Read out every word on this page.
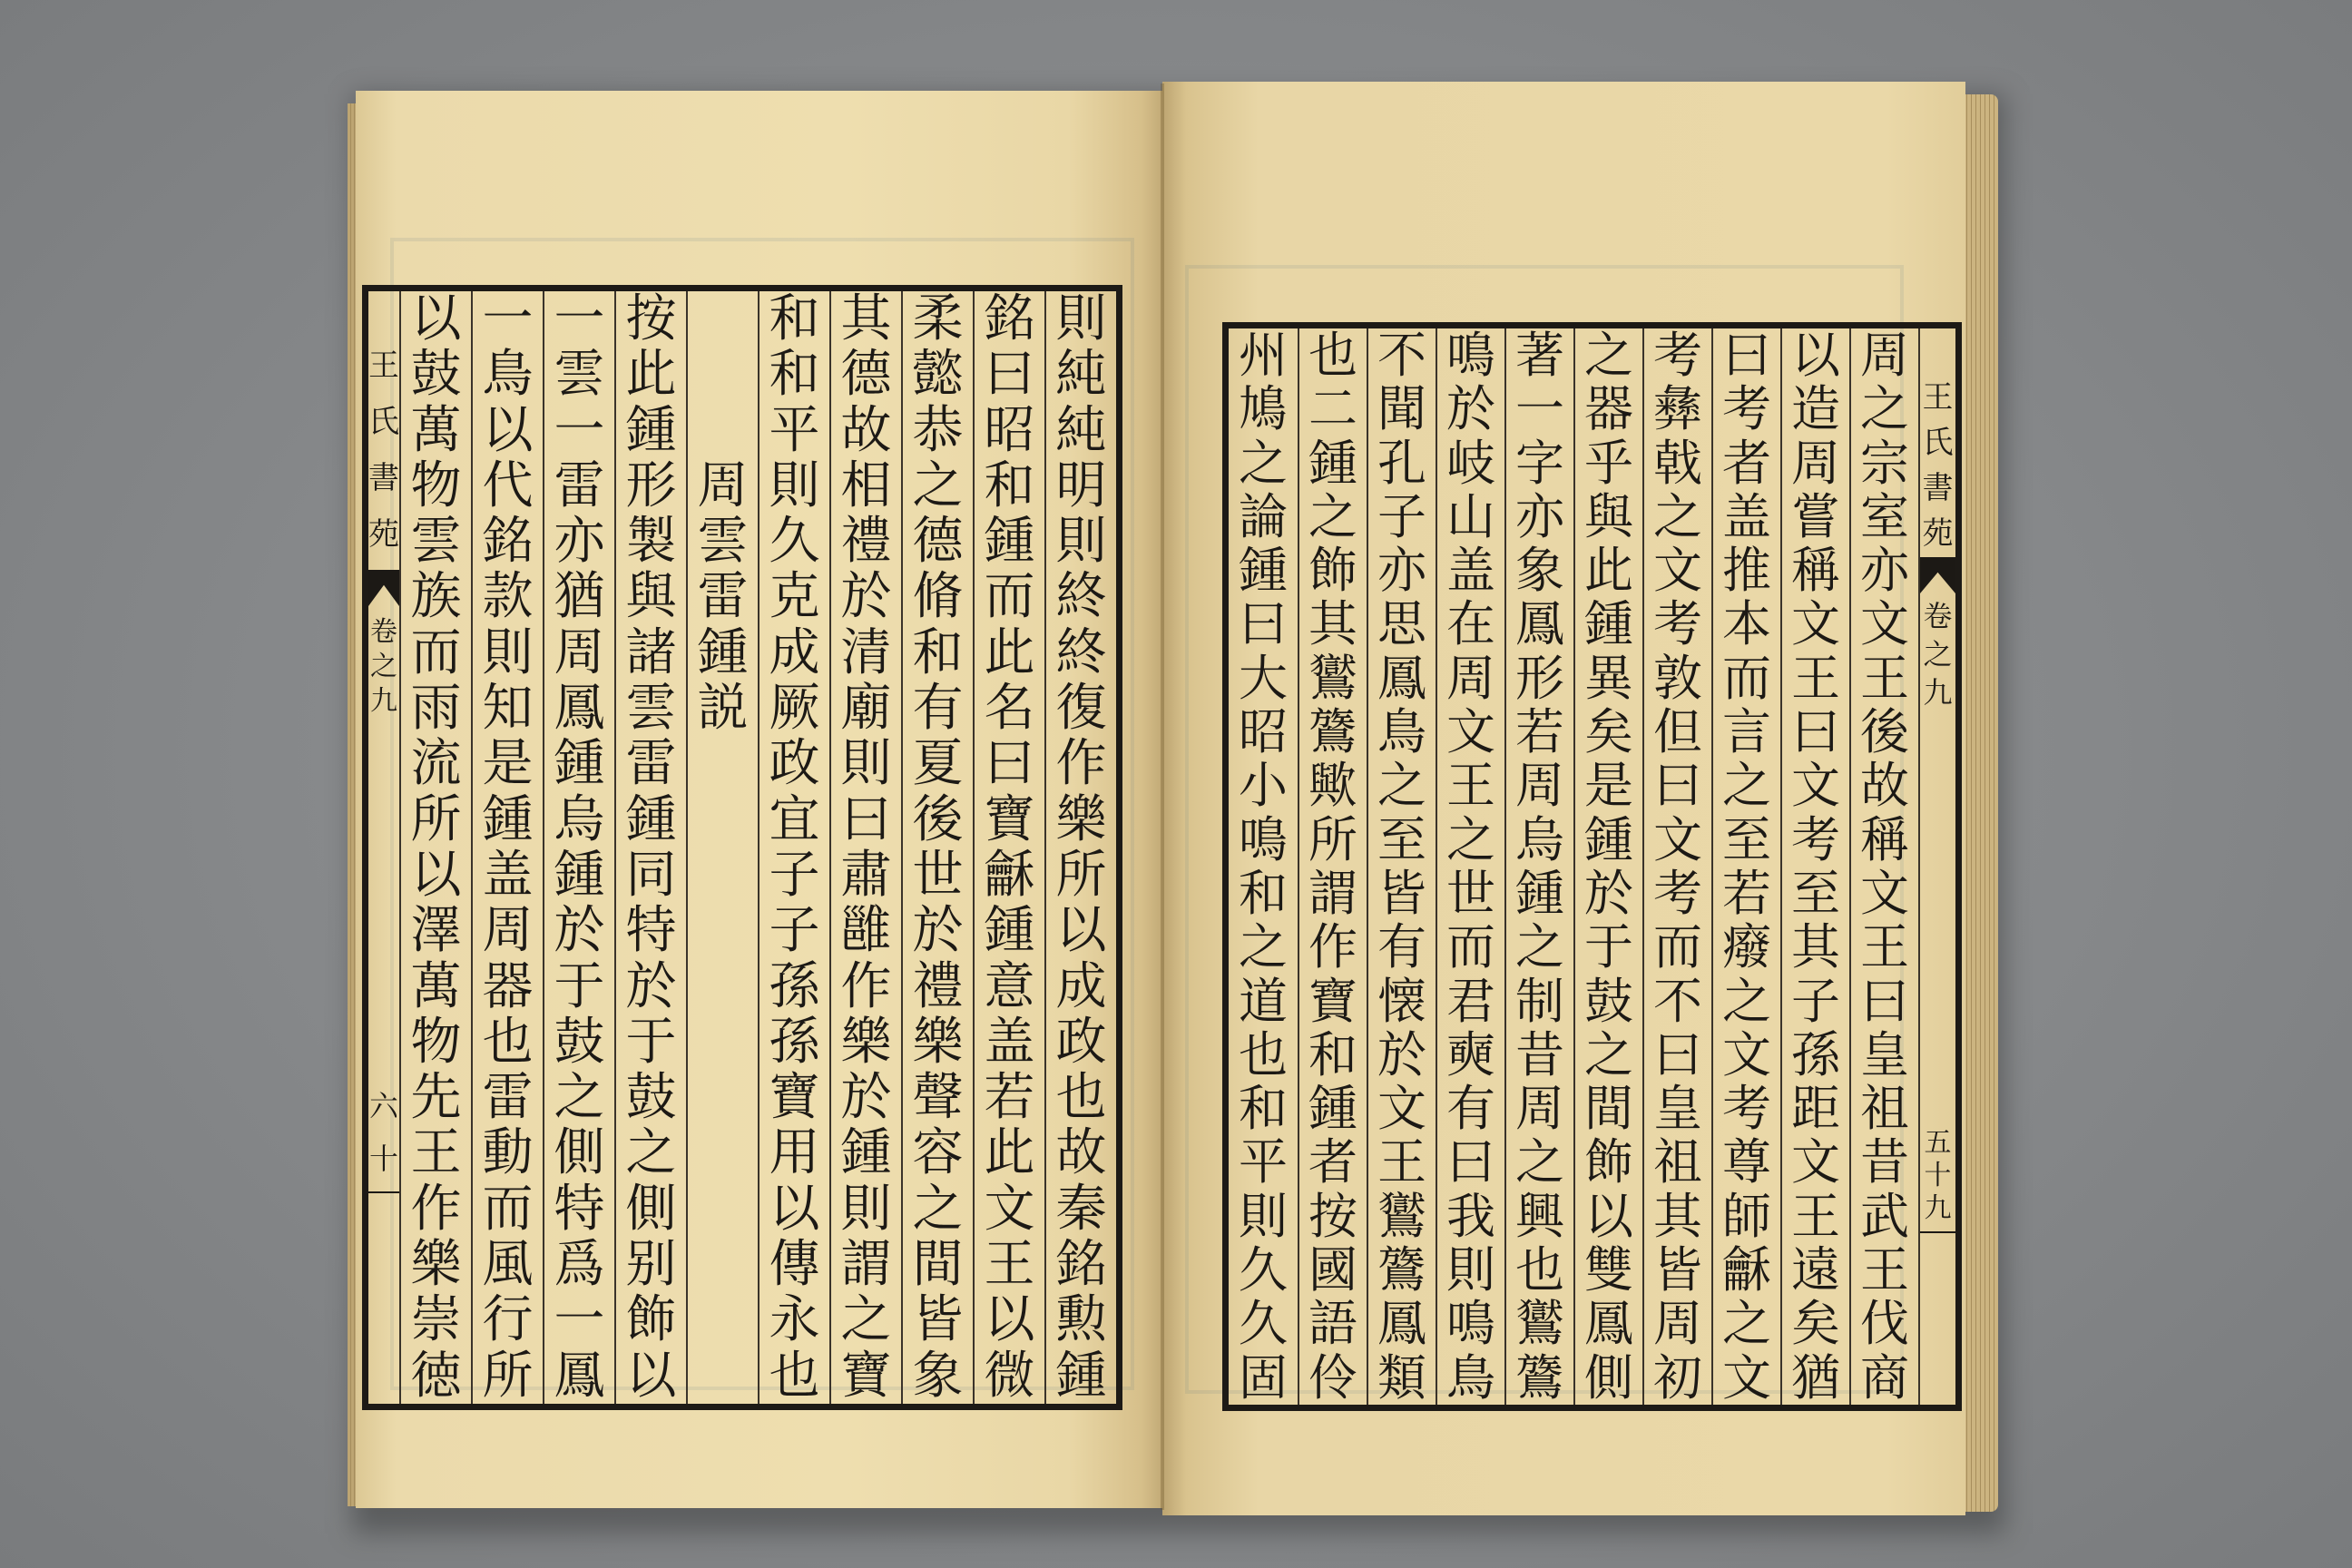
則
純
純
明
則
終
終
復
作
樂
所
以
成
政
也
故
秦
銘
勲
鍾
銘
曰
昭
和
鍾
而
此
名
曰
寶
龢
鍾
意
盖
若
此
文
王
以
微
柔
懿
恭
之
德
脩
和
有
夏
後
世
於
禮
樂
聲
容
之
間
皆
象
其
德
故
相
禮
於
清
廟
則
曰
肅
雝
作
樂
於
鍾
則
謂
之
寶
和
和
平
則
久
克
成
厥
政
宜
子
子
孫
孫
寶
用
以
傳
永
也
周
雲
雷
鍾
説
按
此
鍾
形
製
與
諸
雲
雷
鍾
同
特
於
于
鼓
之
側
别
飾
以
一
雲
一
雷
亦
猶
周
鳳
鍾
烏
鍾
於
于
鼓
之
側
特
爲
一
鳳
一
鳥
以
代
銘
款
則
知
是
鍾
盖
周
器
也
雷
動
而
風
行
所
以
鼓
萬
物
雲
族
而
雨
流
所
以
澤
萬
物
先
王
作
樂
崇
徳
王
氏
書
苑
卷
之
九
六
十
王
氏
書
苑
卷
之
九
五
十
九
周
之
宗
室
亦
文
王
後
故
稱
文
王
曰
皇
祖
昔
武
王
伐
商
以
造
周
嘗
稱
文
王
曰
文
考
至
其
子
孫
距
文
王
遠
矣
猶
曰
考
者
盖
推
本
而
言
之
至
若
癈
之
文
考
尊
師
龢
之
文
考
彝
戟
之
文
考
敦
但
曰
文
考
而
不
曰
皇
祖
其
皆
周
初
之
器
乎
與
此
鍾
異
矣
是
鍾
於
于
鼓
之
間
飾
以
雙
鳳
側
著
一
字
亦
象
鳳
形
若
周
烏
鍾
之
制
昔
周
之
興
也
鸑
鷟
鳴
於
岐
山
盖
在
周
文
王
之
世
而
君
奭
有
曰
我
則
鳴
鳥
不
聞
孔
子
亦
思
鳳
鳥
之
至
皆
有
懐
於
文
王
鸑
鷟
鳳
類
也
二
鍾
之
飾
其
鸑
鷟
歟
所
謂
作
寶
和
鍾
者
按
國
語
伶
州
鳩
之
論
鍾
曰
大
昭
小
鳴
和
之
道
也
和
平
則
久
久
固
